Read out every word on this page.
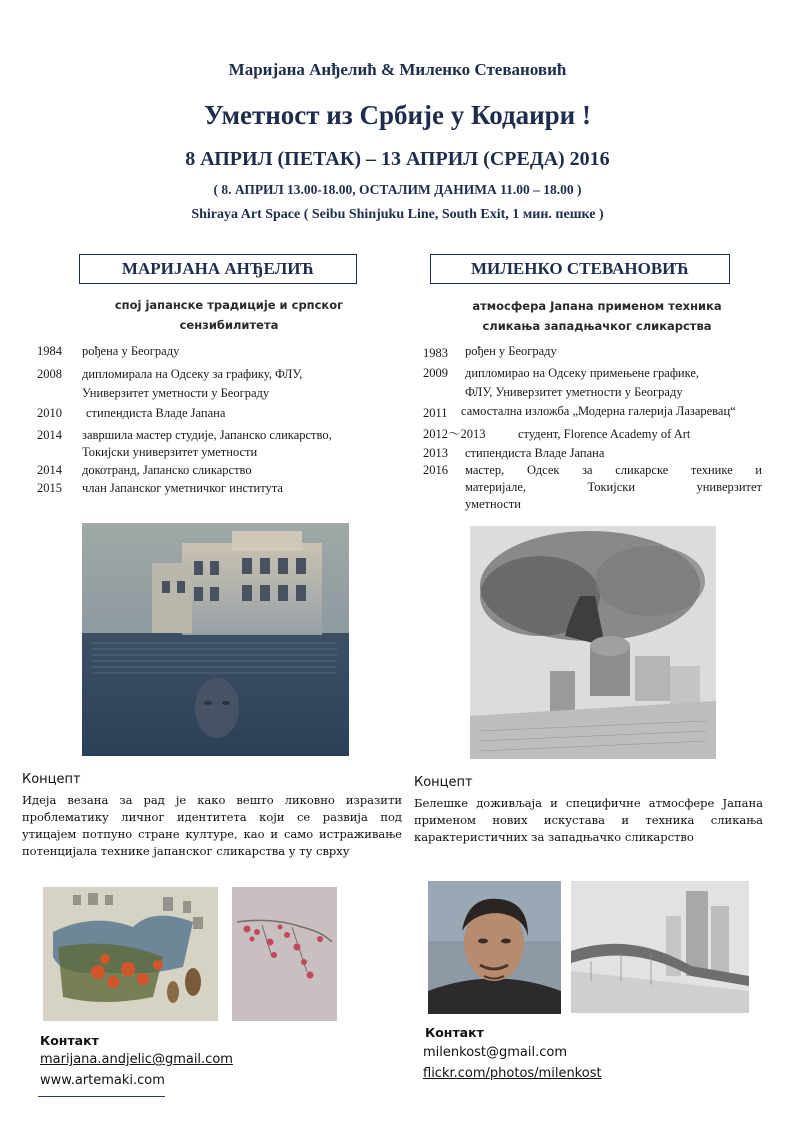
Маријана Анђелић & Миленко Стевановић
Уметност из Србије у Кодаири !
8 АПРИЛ (ПЕТАК) – 13 АПРИЛ (СРЕДА) 2016
( 8. АПРИЛ 13.00-18.00, ОСТАЛИМ ДАНИМА 11.00 – 18.00 )
Shiraya Art Space ( Seibu Shinjuku Line, South Exit, 1 мин. пешке )
МАРИЈАНА АНЂЕЛИЋ	МИЛЕНКО СТЕВАНОВИЋ
спој јапанске традиције и српског
сензибилитета
атмосфера Јапана применом техника
сликања западњачког сликарства
1984 рођена у Београду
2008 дипломирала на Одсеку за графику, ФЛУ,
Универзитет уметности у Београду
2010 стипендиста Владе Јапана
2014 завршила мастер студије, Јапанско сликарство,
Токијски универзитет уметности
2014 докотранд, Јапанско сликарство
2015 члан Јапанског уметничког института
1983 рођен у Београду
2009 дипломирао на Одсеку примењене графике,
ФЛУ, Универзитет уметности у Београду
2011 самостална изложба „Модерна галерија Лазаревац“
2012～2013	студент, Florence Academy of Art
2013 стипендиста Владе Јапана
2016 мастер, Одсек за сликарске технике и
материјале, Токијски универзитет
уметности
Концепт
Идеја везана за рад је како вешто ликовно изразити проблематику личног идентитета који се развија под утицајем потпуно стране културе, као и само истраживање потенцијала технике јапанског сликарства у ту сврху
Концепт
Белешке доживљаја и специфичне атмосфере Јапана применом нових искустава и техника сликања карактеристичних за западњачко сликарство
Контакт
marijana.andjelic@gmail.com
www.artemaki.com
Контакт
milenkost@gmail.com
flickr.com/photos/milenkost
